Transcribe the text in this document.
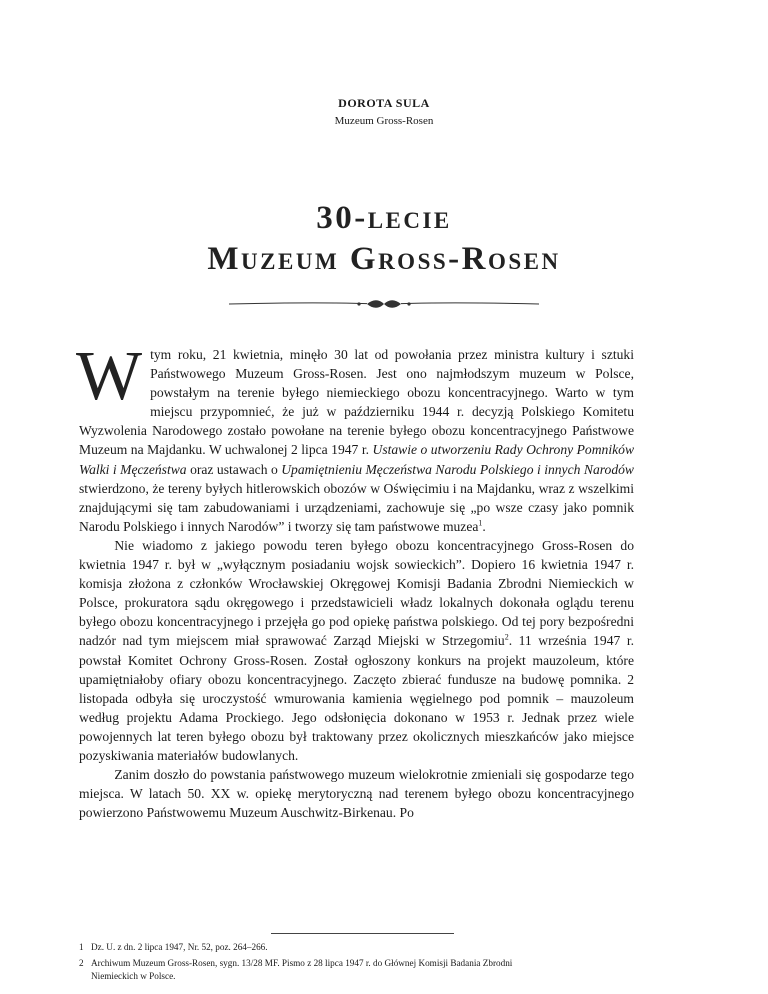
DOROTA SULA
Muzeum Gross-Rosen
30-lecie
Muzeum Gross-Rosen

Wtym roku, 21 kwietnia, minęło 30 lat od powołania przez ministra kultury i sztuki Państwowego Muzeum Gross-Rosen. Jest ono najmłodszym muzeum w Polsce, powstałym na terenie byłego niemieckiego obozu koncentracyjnego. Warto w tym miejscu przypomnieć, że już w październiku 1944 r. decyzją Polskiego Komitetu Wyzwolenia Narodowego zostało powołane na terenie byłego obozu koncentracyjnego Państwowe Muzeum na Majdanku. W uchwalonej 2 lipca 1947 r. Ustawie o utworzeniu Rady Ochrony Pomników Walki i Męczeństwa oraz ustawach o Upamiętnieniu Męczeństwa Narodu Polskiego i innych Narodów stwierdzono, że tereny byłych hitlerowskich obozów w Oświęcimiu i na Majdanku, wraz z wszelkimi znajdującymi się tam zabudowaniami i urządzeniami, zachowuje się „po wsze czasy jako pomnik Narodu Polskiego i innych Narodów” i tworzy się tam państwowe muzea$^1$.

Nie wiadomo z jakiego powodu teren byłego obozu koncentracyjnego Gross-Rosen do kwietnia 1947 r. był w „wyłącznym posiadaniu wojsk sowieckich”. Dopiero 16 kwietnia 1947 r. komisja złożona z członków Wrocławskiej Okręgowej Komisji Badania Zbrodni Niemieckich w Polsce, prokuratora sądu okręgowego i przedstawicieli władz lokalnych dokonała oglądu terenu byłego obozu koncentracyjnego i przejęła go pod opiekę państwa polskiego. Od tej pory bezpośredni nadzór nad tym miejscem miał sprawować Zarząd Miejski w Strzegomiu$^2$. 11 września 1947 r. powstał Komitet Ochrony Gross-Rosen. Został ogłoszony konkurs na projekt mauzoleum, które upamiętniałoby ofiary obozu koncentracyjnego. Zaczęto zbierać fundusze na budowę pomnika. 2 listopada odbyła się uroczystość wmurowania kamienia węgielnego pod pomnik – mauzoleum według projektu Adama Prockiego. Jego odsłonięcia dokonano w 1953 r. Jednak przez wiele powojennych lat teren byłego obozu był traktowany przez okolicznych mieszkańców jako miejsce pozyskiwania materiałów budowlanych.

Zanim doszło do powstania państwowego muzeum wielokrotnie zmieniali się gospodarze tego miejsca. W latach 50. XX w. opiekę merytoryczną nad terenem byłego obozu koncentracyjnego powierzono Państwowemu Muzeum Auschwitz-Birkenau. Po

1 Dz. U. z dn. 2 lipca 1947, Nr. 52, poz. 264–266.
2 Archiwum Muzeum Gross-Rosen, sygn. 13/28 MF. Pismo z 28 lipca 1947 r. do Głównej Komisji Badania Zbrodni
Niemieckich w Polsce.
